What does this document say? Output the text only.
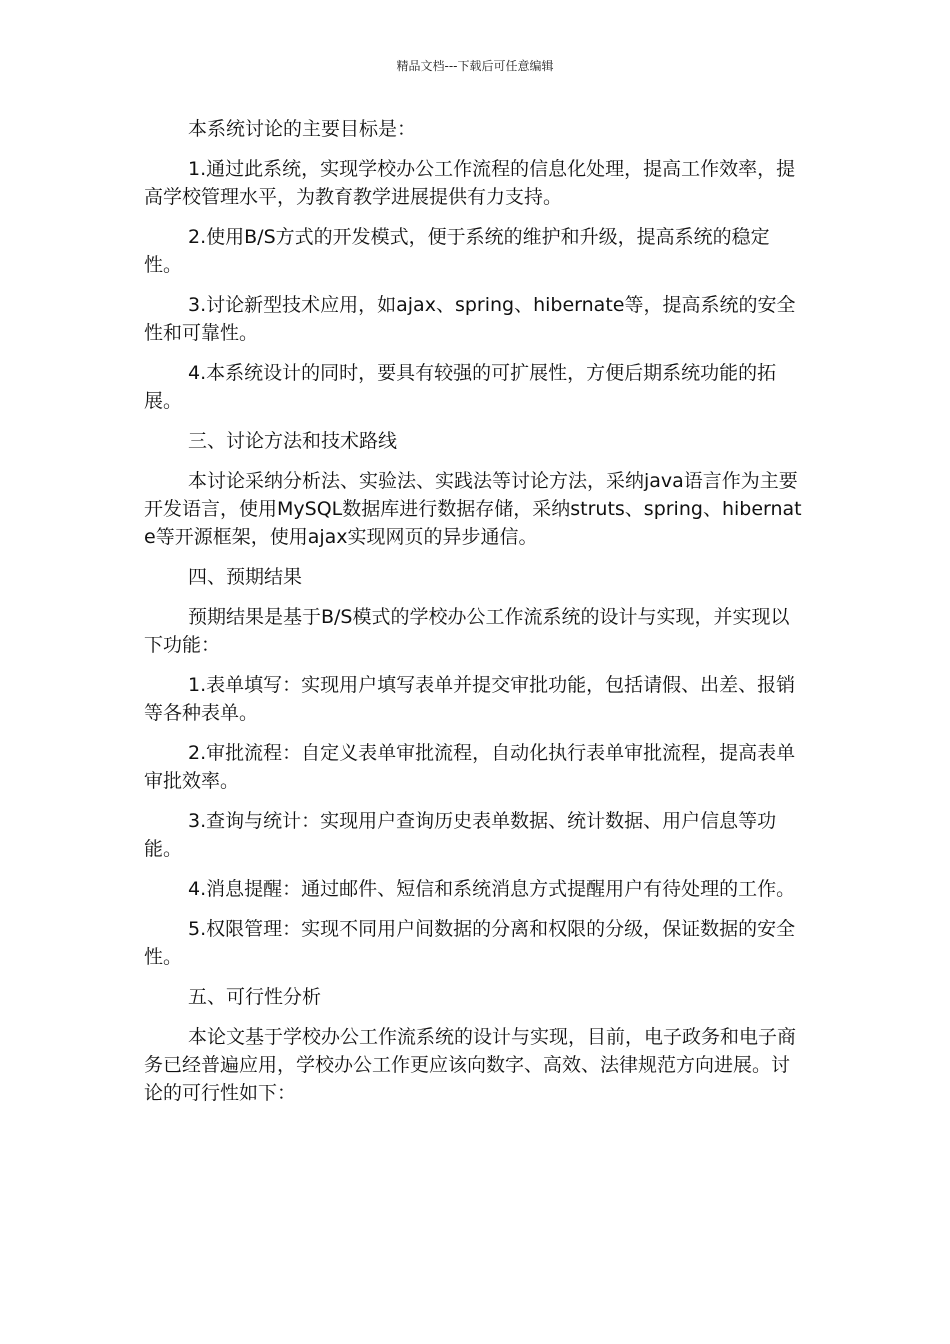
精品文档---下载后可任意编辑

本系统讨论的主要目标是：

1.通过此系统，实现学校办公工作流程的信息化处理，提高工作效率，提高学校管理水平，为教育教学进展提供有力支持。

2.使用B/S方式的开发模式，便于系统的维护和升级，提高系统的稳定性。

3.讨论新型技术应用，如ajax、spring、hibernate等，提高系统的安全性和可靠性。

4.本系统设计的同时，要具有较强的可扩展性，方便后期系统功能的拓展。

三、讨论方法和技术路线

本讨论采纳分析法、实验法、实践法等讨论方法，采纳java语言作为主要开发语言，使用MySQL数据库进行数据存储，采纳struts、spring、hibernate等开源框架，使用ajax实现网页的异步通信。

四、预期结果

预期结果是基于B/S模式的学校办公工作流系统的设计与实现，并实现以下功能：

1.表单填写：实现用户填写表单并提交审批功能，包括请假、出差、报销等各种表单。

2.审批流程：自定义表单审批流程，自动化执行表单审批流程，提高表单审批效率。

3.查询与统计：实现用户查询历史表单数据、统计数据、用户信息等功能。

4.消息提醒：通过邮件、短信和系统消息方式提醒用户有待处理的工作。

5.权限管理：实现不同用户间数据的分离和权限的分级，保证数据的安全性。

五、可行性分析

本论文基于学校办公工作流系统的设计与实现，目前，电子政务和电子商务已经普遍应用，学校办公工作更应该向数字、高效、法律规范方向进展。讨论的可行性如下：
